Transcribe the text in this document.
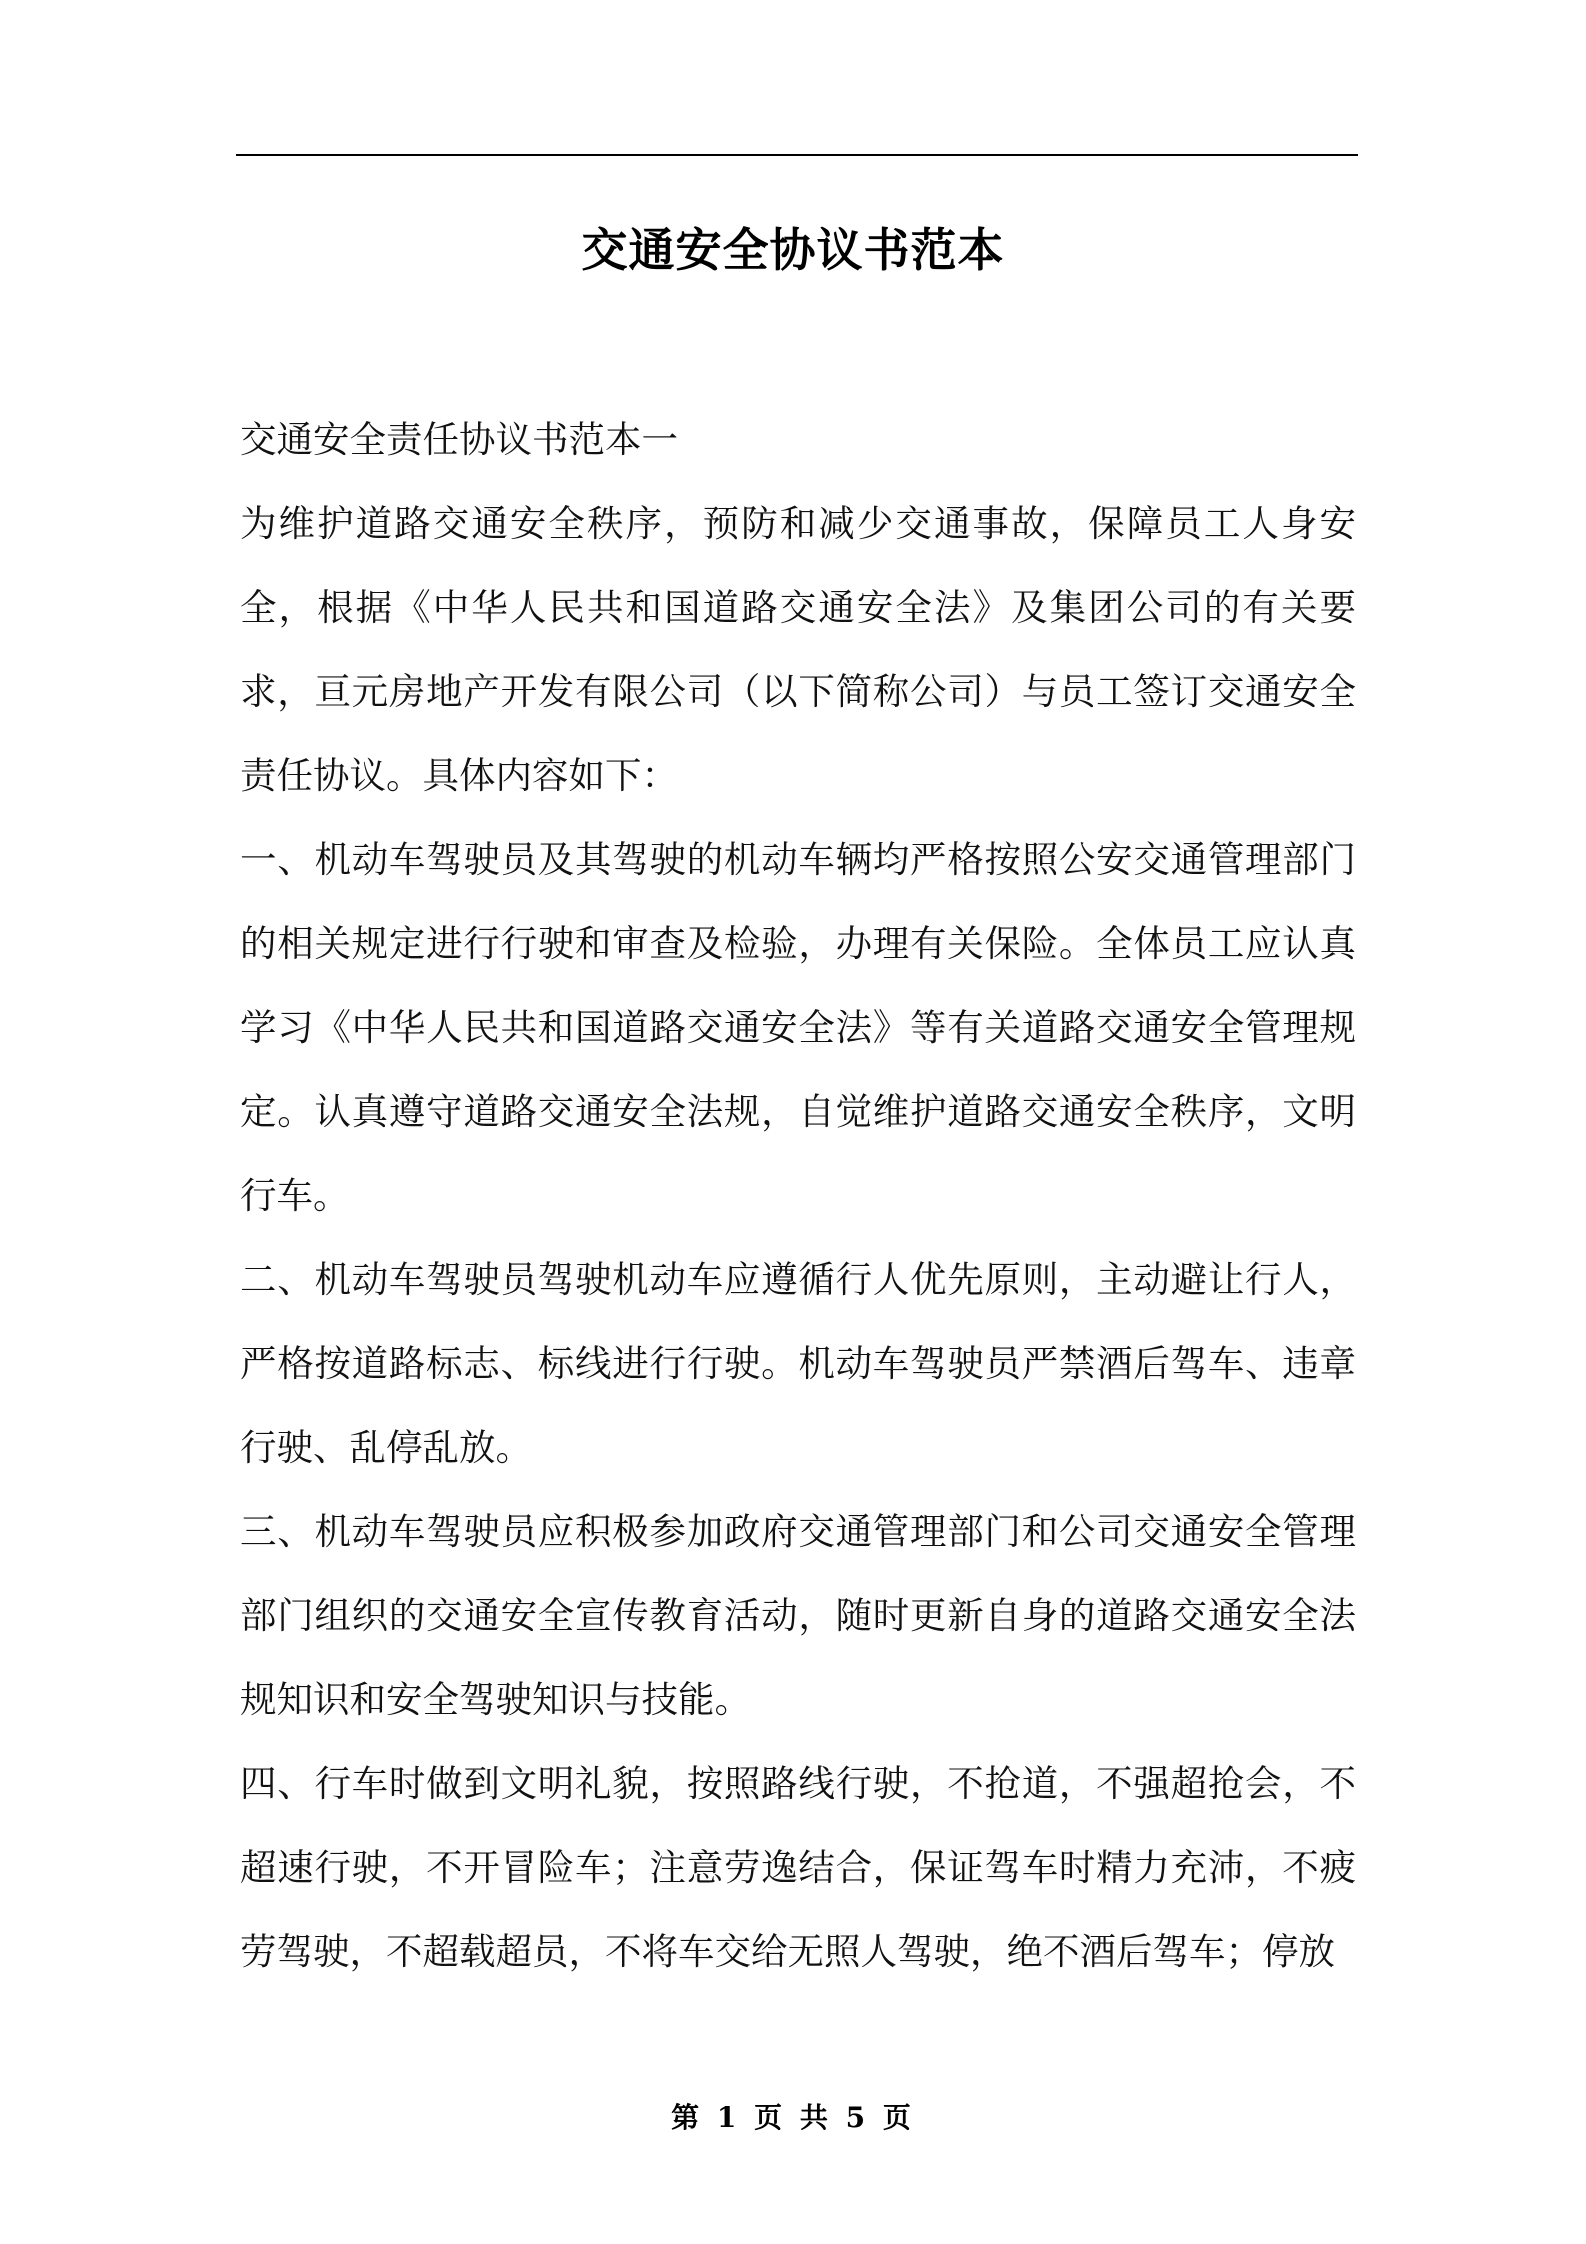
交通安全协议书范本

交通安全责任协议书范本一

为维护道路交通安全秩序，预防和减少交通事故，保障员工人身安全，根据《中华人民共和国道路交通安全法》及集团公司的有关要求，亘元房地产开发有限公司（以下简称公司）与员工签订交通安全责任协议。具体内容如下：

一、机动车驾驶员及其驾驶的机动车辆均严格按照公安交通管理部门的相关规定进行行驶和审查及检验，办理有关保险。全体员工应认真学习《中华人民共和国道路交通安全法》等有关道路交通安全管理规定。认真遵守道路交通安全法规，自觉维护道路交通安全秩序，文明行车。

二、机动车驾驶员驾驶机动车应遵循行人优先原则，主动避让行人，严格按道路标志、标线进行行驶。机动车驾驶员严禁酒后驾车、违章行驶、乱停乱放。

三、机动车驾驶员应积极参加政府交通管理部门和公司交通安全管理部门组织的交通安全宣传教育活动，随时更新自身的道路交通安全法规知识和安全驾驶知识与技能。

四、行车时做到文明礼貌，按照路线行驶，不抢道，不强超抢会，不超速行驶，不开冒险车；注意劳逸结合，保证驾车时精力充沛，不疲劳驾驶，不超载超员，不将车交给无照人驾驶，绝不酒后驾车；停放

第 1 页 共 5 页
